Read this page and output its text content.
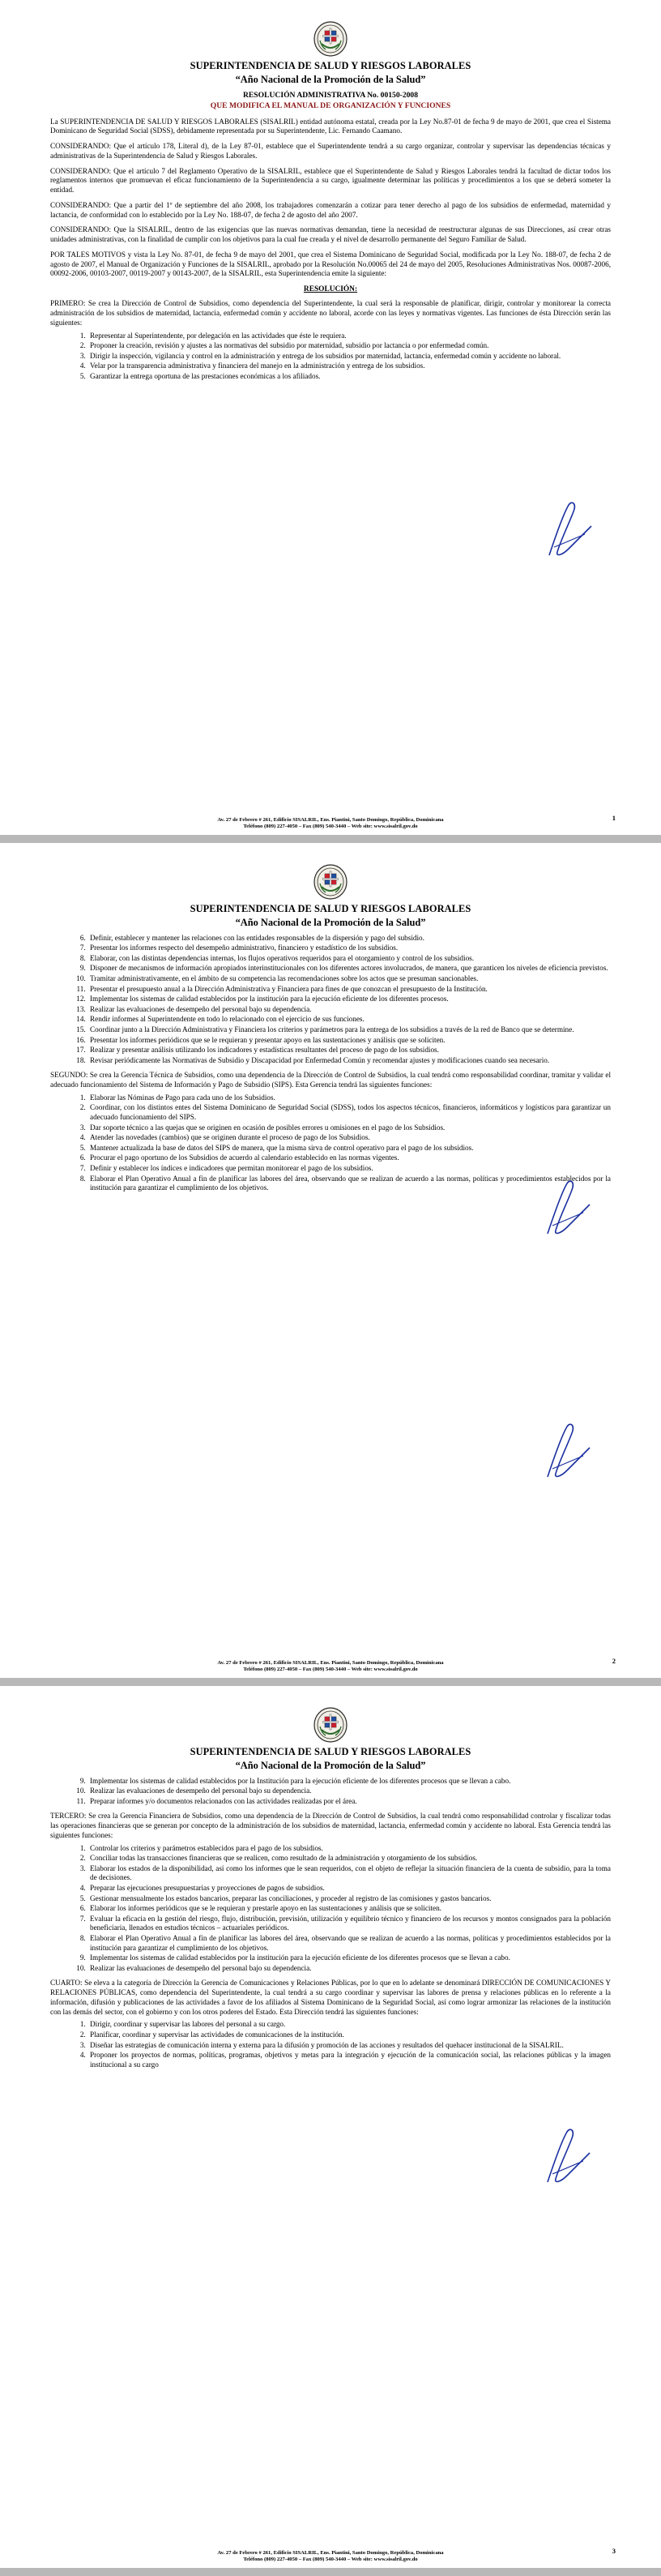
SUPERINTENDENCIA DE SALUD Y RIESGOS LABORALES
“Año Nacional de la Promoción de la Salud”
RESOLUCIÓN ADMINISTRATIVA No. 00150-2008
QUE MODIFICA EL MANUAL DE ORGANIZACIÓN Y FUNCIONES
La SUPERINTENDENCIA DE SALUD Y RIESGOS LABORALES (SISALRIL) entidad autónoma estatal, creada por la Ley No.87-01 de fecha 9 de mayo de 2001, que crea el Sistema Dominicano de Seguridad Social (SDSS), debidamente representada por su Superintendente, Lic. Fernando Caamano.
CONSIDERANDO: Que el artículo 178, Literal d), de la Ley 87-01, establece que el Superintendente tendrá a su cargo organizar, controlar y supervisar las dependencias técnicas y administrativas de la Superintendencia de Salud y Riesgos Laborales.
CONSIDERANDO: Que el artículo 7 del Reglamento Operativo de la SISALRIL, establece que el Superintendente de Salud y Riesgos Laborales tendrá la facultad de dictar todos los reglamentos internos que promuevan el eficaz funcionamiento de la Superintendencia a su cargo, igualmente determinar las políticas y procedimientos a los que se deberá someter la entidad.
CONSIDERANDO: Que a partir del 1º de septiembre del año 2008, los trabajadores comenzarán a cotizar para tener derecho al pago de los subsidios de enfermedad, maternidad y lactancia, de conformidad con lo establecido por la Ley No. 188-07, de fecha 2 de agosto del año 2007.
CONSIDERANDO: Que la SISALRIL, dentro de las exigencias que las nuevas normativas demandan, tiene la necesidad de reestructurar algunas de sus Direcciones, así crear otras unidades administrativas, con la finalidad de cumplir con los objetivos para la cual fue creada y el nivel de desarrollo permanente del Seguro Familiar de Salud.
POR TALES MOTIVOS y vista la Ley No. 87-01, de fecha 9 de mayo del 2001, que crea el Sistema Dominicano de Seguridad Social, modificada por la Ley No. 188-07, de fecha 2 de agosto de 2007, el Manual de Organización y Funciones de la SISALRIL, aprobado por la Resolución No.00065 del 24 de mayo del 2005, Resoluciones Administrativas Nos. 00087-2006, 00092-2006, 00103-2007, 00119-2007 y 00143-2007, de la SISALRIL, esta Superintendencia emite la siguiente:
RESOLUCIÓN:
PRIMERO: Se crea la Dirección de Control de Subsidios, como dependencia del Superintendente, la cual será la responsable de planificar, dirigir, controlar y monitorear la correcta administración de los subsidios de maternidad, lactancia, enfermedad común y accidente no laboral, acorde con las leyes y normativas vigentes. Las funciones de ésta Dirección serán las siguientes:
1. Representar al Superintendente, por delegación en las actividades que éste le requiera.
2. Proponer la creación, revisión y ajustes a las normativas del subsidio por maternidad, subsidio por lactancia o por enfermedad común.
3. Dirigir la inspección, vigilancia y control en la administración y entrega de los subsidios por maternidad, lactancia, enfermedad común y accidente no laboral.
4. Velar por la transparencia administrativa y financiera del manejo en la administración y entrega de los subsidios.
5. Garantizar la entrega oportuna de las prestaciones económicas a los afiliados.
Av. 27 de Febrero # 261, Edificio SISALRIL, Ens. Piantini, Santo Domingo, República, Dominicana
Teléfono (809) 227-4050 – Fax (809) 540-3440 – Web site: www.sisalril.gov.do
1
SUPERINTENDENCIA DE SALUD Y RIESGOS LABORALES
“Año Nacional de la Promoción de la Salud”
6. Definir, establecer y mantener las relaciones con las entidades responsables de la dispersión y pago del subsidio.
7. Presentar los informes respecto del desempeño administrativo, financiero y estadístico de los subsidios.
8. Elaborar, con las distintas dependencias internas, los flujos operativos requeridos para el otorgamiento y control de los subsidios.
9. Disponer de mecanismos de información apropiados interinstitucionales con los diferentes actores involucrados, de manera, que garanticen los niveles de eficiencia previstos.
10. Tramitar administrativamente, en el ámbito de su competencia las recomendaciones sobre los actos que se presuman sancionables.
11. Presentar el presupuesto anual a la Dirección Administrativa y Financiera para fines de que conozcan el presupuesto de la Institución.
12. Implementar los sistemas de calidad establecidos por la institución para la ejecución eficiente de los diferentes procesos.
13. Realizar las evaluaciones de desempeño del personal bajo su dependencia.
14. Rendir informes al Superintendente en todo lo relacionado con el ejercicio de sus funciones.
15. Coordinar junto a la Dirección Administrativa y Financiera los criterios y parámetros para la entrega de los subsidios a través de la red de Banco que se determine.
16. Presentar los informes periódicos que se le requieran y presentar apoyo en las sustentaciones y análisis que se soliciten.
17. Realizar y presentar análisis utilizando los indicadores y estadísticas resultantes del proceso de pago de los subsidios.
18. Revisar periódicamente las Normativas de Subsidio y Discapacidad por Enfermedad Común y recomendar ajustes y modificaciones cuando sea necesario.
SEGUNDO: Se crea la Gerencia Técnica de Subsidios, como una dependencia de la Dirección de Control de Subsidios, la cual tendrá como responsabilidad coordinar, tramitar y validar el adecuado funcionamiento del Sistema de Información y Pago de Subsidio (SIPS). Esta Gerencia tendrá las siguientes funciones:
1. Elaborar las Nóminas de Pago para cada uno de los Subsidios.
2. Coordinar, con los distintos entes del Sistema Dominicano de Seguridad Social (SDSS), todos los aspectos técnicos, financieros, informáticos y logísticos para garantizar un adecuado funcionamiento del SIPS.
3. Dar soporte técnico a las quejas que se originen en ocasión de posibles errores u omisiones en el pago de los Subsidios.
4. Atender las novedades (cambios) que se originen durante el proceso de pago de los Subsidios.
5. Mantener actualizada la base de datos del SIPS de manera, que la misma sirva de control operativo para el pago de los subsidios.
6. Procurar el pago oportuno de los Subsidios de acuerdo al calendario establecido en las normas vigentes.
7. Definir y establecer los índices e indicadores que permitan monitorear el pago de los subsidios.
8. Elaborar el Plan Operativo Anual a fin de planificar las labores del área, observando que se realizan de acuerdo a las normas, políticas y procedimientos establecidos por la institución para garantizar el cumplimiento de los objetivos.
Av. 27 de Febrero # 261, Edificio SISALRIL, Ens. Piantini, Santo Domingo, República, Dominicana
Teléfono (809) 227-4050 – Fax (809) 540-3440 – Web site: www.sisalril.gov.do
2
SUPERINTENDENCIA DE SALUD Y RIESGOS LABORALES
“Año Nacional de la Promoción de la Salud”
9. Implementar los sistemas de calidad establecidos por la Institución para la ejecución eficiente de los diferentes procesos que se llevan a cabo.
10. Realizar las evaluaciones de desempeño del personal bajo su dependencia.
11. Preparar informes y/o documentos relacionados con las actividades realizadas por el área.
TERCERO: Se crea la Gerencia Financiera de Subsidios, como una dependencia de la Dirección de Control de Subsidios, la cual tendrá como responsabilidad controlar y fiscalizar todas las operaciones financieras que se generan por concepto de la administración de los subsidios de maternidad, lactancia, enfermedad común y accidente no laboral. Esta Gerencia tendrá las siguientes funciones:
1. Controlar los criterios y parámetros establecidos para el pago de los subsidios.
2. Conciliar todas las transacciones financieras que se realicen, como resultado de la administración y otorgamiento de los subsidios.
3. Elaborar los estados de la disponibilidad, así como los informes que le sean requeridos, con el objeto de reflejar la situación financiera de la cuenta de subsidio, para la toma de decisiones.
4. Preparar las ejecuciones presupuestarias y proyecciones de pagos de subsidios.
5. Gestionar mensualmente los estados bancarios, preparar las conciliaciones, y proceder al registro de las comisiones y gastos bancarios.
6. Elaborar los informes periódicos que se le requieran y prestarle apoyo en las sustentaciones y análisis que se soliciten.
7. Evaluar la eficacia en la gestión del riesgo, flujo, distribución, previsión, utilización y equilibrio técnico y financiero de los recursos y montos consignados para la población beneficiaria, llenados en estudios técnicos – actuariales periódicos.
8. Elaborar el Plan Operativo Anual a fin de planificar las labores del área, observando que se realizan de acuerdo a las normas, políticas y procedimientos establecidos por la institución para garantizar el cumplimiento de los objetivos.
9. Implementar los sistemas de calidad establecidos por la institución para la ejecución eficiente de los diferentes procesos que se llevan a cabo.
10. Realizar las evaluaciones de desempeño del personal bajo su dependencia.
CUARTO: Se eleva a la categoría de Dirección la Gerencia de Comunicaciones y Relaciones Públicas, por lo que en lo adelante se denominará DIRECCIÓN DE COMUNICACIONES Y RELACIONES PÚBLICAS, como dependencia del Superintendente, la cual tendrá a su cargo coordinar y supervisar las labores de prensa y relaciones públicas en lo referente a la información, difusión y publicaciones de las actividades a favor de los afiliados al Sistema Dominicano de la Seguridad Social, así como lograr armonizar las relaciones de la institución con las demás del sector, con el gobierno y con los otros poderes del Estado. Esta Dirección tendrá las siguientes funciones:
1. Dirigir, coordinar y supervisar las labores del personal a su cargo.
2. Planificar, coordinar y supervisar las actividades de comunicaciones de la institución.
3. Diseñar las estrategias de comunicación interna y externa para la difusión y promoción de las acciones y resultados del quehacer institucional de la SISALRIL.
4. Proponer los proyectos de normas, políticas, programas, objetivos y metas para la integración y ejecución de la comunicación social, las relaciones públicas y la imagen institucional a su cargo
Av. 27 de Febrero # 261, Edificio SISALRIL, Ens. Piantini, Santo Domingo, República, Dominicana
Teléfono (809) 227-4050 – Fax (809) 540-3440 – Web site: www.sisalril.gov.do
3
